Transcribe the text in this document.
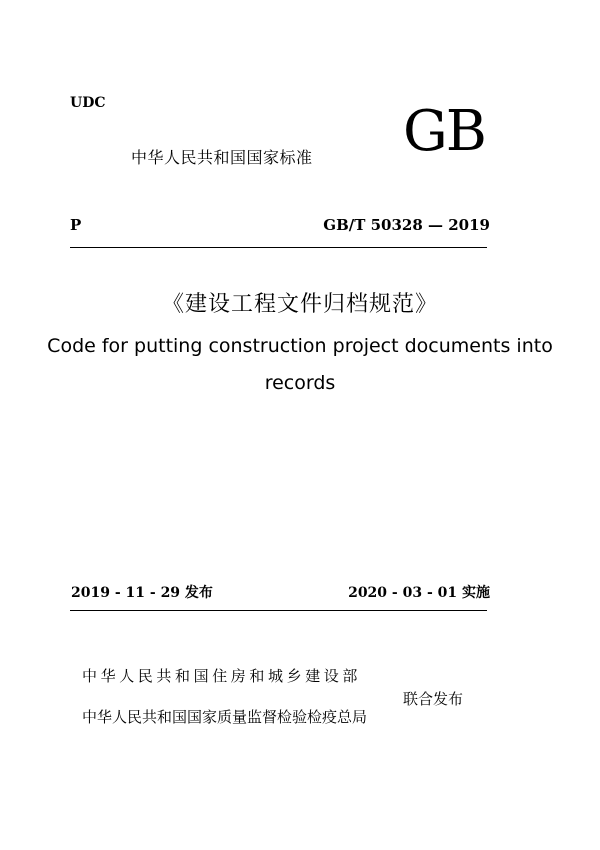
UDC
中华人民共和国国家标准 GB
P	GB/T 50328 — 2019
《建设工程文件归档规范》
Code for putting construction project documents into
records
2019 - 11 - 29 发布	2020 - 03 - 01 实施
中华人民共和国住房和城乡建设部
中华人民共和国国家质量监督检验检疫总局
联合发布
